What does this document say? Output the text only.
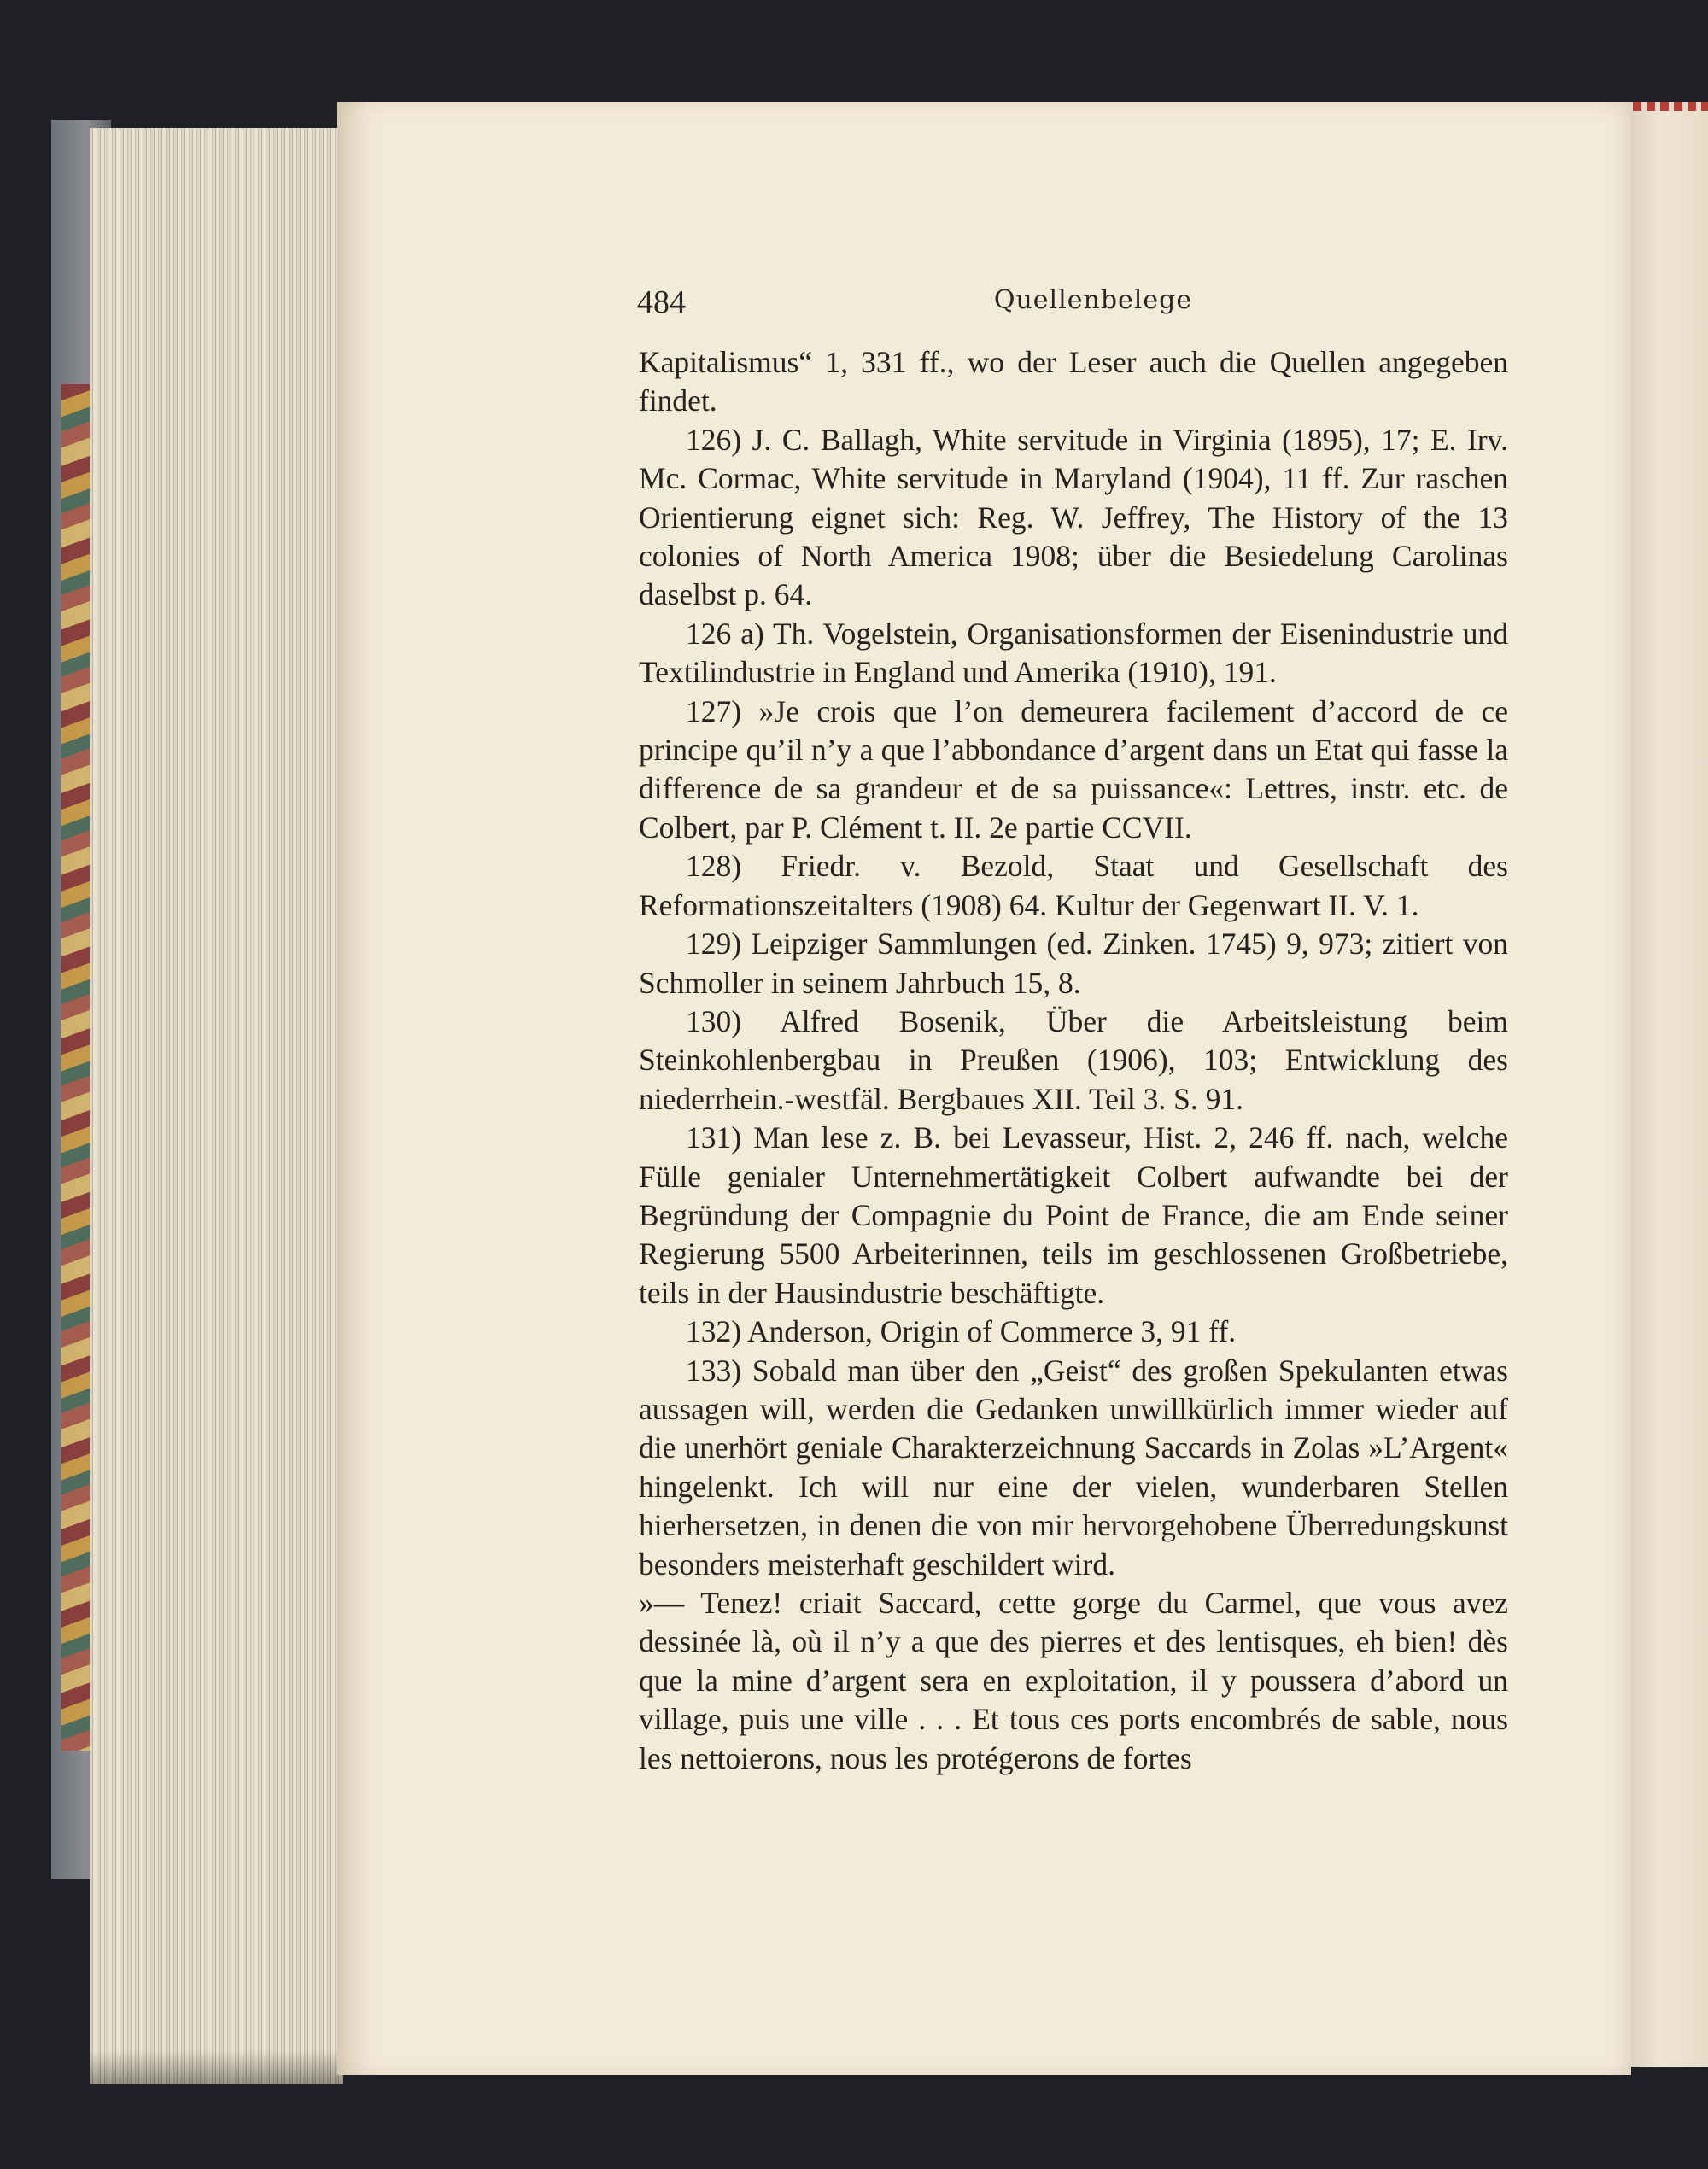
484	Quellenbelege

Kapitalismus“ 1, 331 ff., wo der Leser auch die Quellen angegeben findet.

126) J. C. Ballagh, White servitude in Virginia (1895), 17; E. Irv. Mc. Cormac, White servitude in Maryland (1904), 11 ff. Zur raschen Orientierung eignet sich: Reg. W. Jeffrey, The History of the 13 colonies of North America 1908; über die Besiedelung Carolinas daselbst p. 64.

126 a) Th. Vogelstein, Organisationsformen der Eisenindustrie und Textilindustrie in England und Amerika (1910), 191.

127) »Je crois que l’on demeurera facilement d’accord de ce principe qu’il n’y a que l’abbondance d’argent dans un Etat qui fasse la difference de sa grandeur et de sa puissance«: Lettres, instr. etc. de Colbert, par P. Clément t. II. 2e partie CCVII.

128) Friedr. v. Bezold, Staat und Gesellschaft des Reformationszeitalters (1908) 64. Kultur der Gegenwart II. V. 1.

129) Leipziger Sammlungen (ed. Zinken. 1745) 9, 973; zitiert von Schmoller in seinem Jahrbuch 15, 8.

130) Alfred Bosenik, Über die Arbeitsleistung beim Steinkohlenbergbau in Preußen (1906), 103; Entwicklung des niederrhein.-westfäl. Bergbaues XII. Teil 3. S. 91.

131) Man lese z. B. bei Levasseur, Hist. 2, 246 ff. nach, welche Fülle genialer Unternehmertätigkeit Colbert aufwandte bei der Begründung der Compagnie du Point de France, die am Ende seiner Regierung 5500 Arbeiterinnen, teils im geschlossenen Großbetriebe, teils in der Hausindustrie beschäftigte.

132) Anderson, Origin of Commerce 3, 91 ff.

133) Sobald man über den „Geist“ des großen Spekulanten etwas aussagen will, werden die Gedanken unwillkürlich immer wieder auf die unerhört geniale Charakterzeichnung Saccards in Zolas »L’Argent« hingelenkt. Ich will nur eine der vielen, wunderbaren Stellen hierhersetzen, in denen die von mir hervorgehobene Überredungskunst besonders meisterhaft geschildert wird.

»— Tenez! criait Saccard, cette gorge du Carmel, que vous avez dessinée là, où il n’y a que des pierres et des lentisques, eh bien! dès que la mine d’argent sera en exploitation, il y poussera d’abord un village, puis une ville . . . Et tous ces ports encombrés de sable, nous les nettoierons, nous les protégerons de fortes
